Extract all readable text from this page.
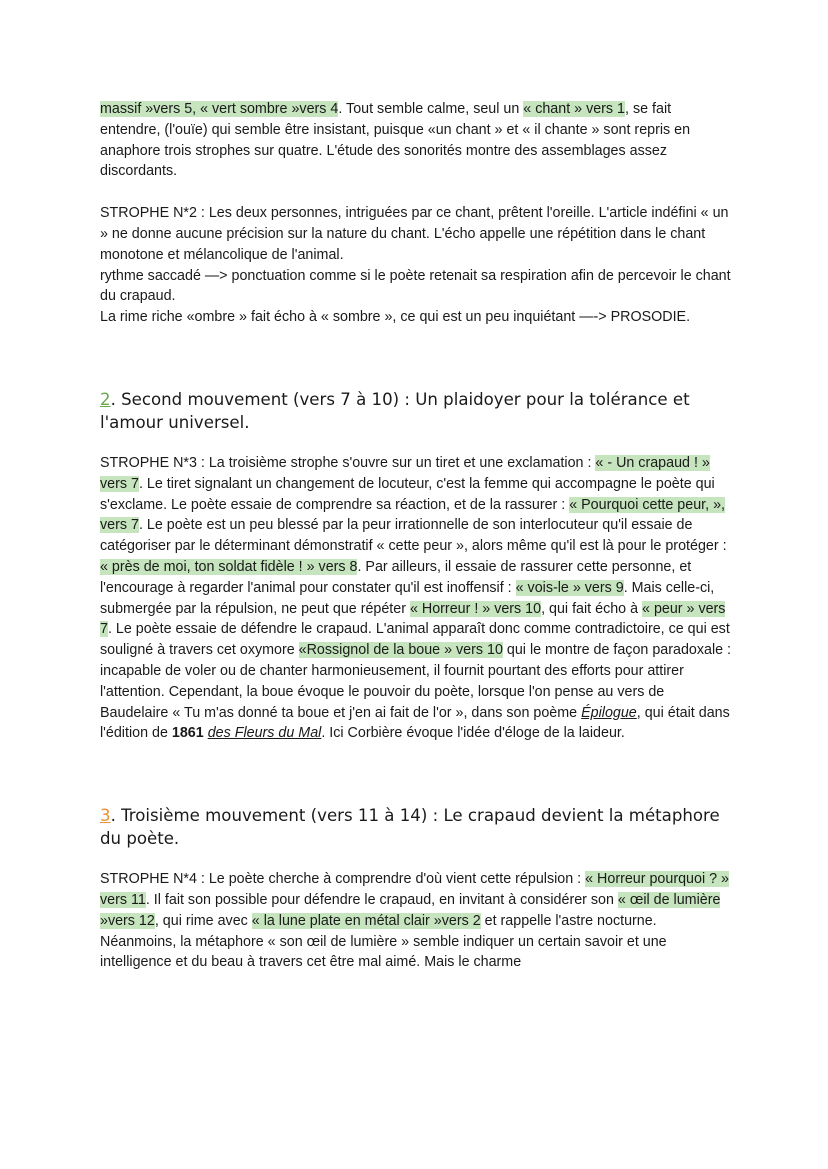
massif »vers 5, « vert sombre »vers 4. Tout semble calme, seul un « chant » vers 1, se fait entendre, (l'ouïe) qui semble être insistant, puisque «un chant » et « il chante » sont repris en anaphore trois strophes sur quatre. L'étude des sonorités montre des assemblages assez discordants.

STROPHE N*2 : Les deux personnes, intriguées par ce chant, prêtent l'oreille. L'article indéfini « un » ne donne aucune précision sur la nature du chant. L'écho appelle une répétition dans le chant monotone et mélancolique de l'animal.

rythme saccadé —> ponctuation comme si le poète retenait sa respiration afin de percevoir le chant du crapaud.

La rime riche «ombre » fait écho à « sombre », ce qui est un peu inquiétant —-> PROSODIE.

2. Second mouvement (vers 7 à 10) : Un plaidoyer pour la tolérance et l'amour universel.

STROPHE N*3 : La troisième strophe s'ouvre sur un tiret et une exclamation : « - Un crapaud ! » vers 7. Le tiret signalant un changement de locuteur, c'est la femme qui accompagne le poète qui s'exclame. Le poète essaie de comprendre sa réaction, et de la rassurer : « Pourquoi cette peur, », vers 7. Le poète est un peu blessé par la peur irrationnelle de son interlocuteur qu'il essaie de catégoriser par le déterminant démonstratif « cette peur », alors même qu'il est là pour le protéger : « près de moi, ton soldat fidèle ! » vers 8. Par ailleurs, il essaie de rassurer cette personne, et l'encourage à regarder l'animal pour constater qu'il est inoffensif : « vois-le » vers 9. Mais celle-ci, submergée par la répulsion, ne peut que répéter « Horreur ! » vers 10, qui fait écho à « peur » vers 7. Le poète essaie de défendre le crapaud. L'animal apparaît donc comme contradictoire, ce qui est souligné à travers cet oxymore «Rossignol de la boue » vers 10 qui le montre de façon paradoxale : incapable de voler ou de chanter harmonieusement, il fournit pourtant des efforts pour attirer l'attention. Cependant, la boue évoque le pouvoir du poète, lorsque l'on pense au vers de Baudelaire « Tu m'as donné ta boue et j'en ai fait de l'or », dans son poème Épilogue, qui était dans l'édition de 1861 des Fleurs du Mal. Ici Corbière évoque l'idée d'éloge de la laideur.

3. Troisième mouvement (vers 11 à 14) : Le crapaud devient la métaphore du poète.

STROPHE N*4 : Le poète cherche à comprendre d'où vient cette répulsion : « Horreur pourquoi ? » vers 11. Il fait son possible pour défendre le crapaud, en invitant à considérer son « œil de lumière »vers 12, qui rime avec « la lune plate en métal clair »vers 2 et rappelle l'astre nocturne. Néanmoins, la métaphore « son œil de lumière » semble indiquer un certain savoir et une intelligence et du beau à travers cet être mal aimé. Mais le charme
